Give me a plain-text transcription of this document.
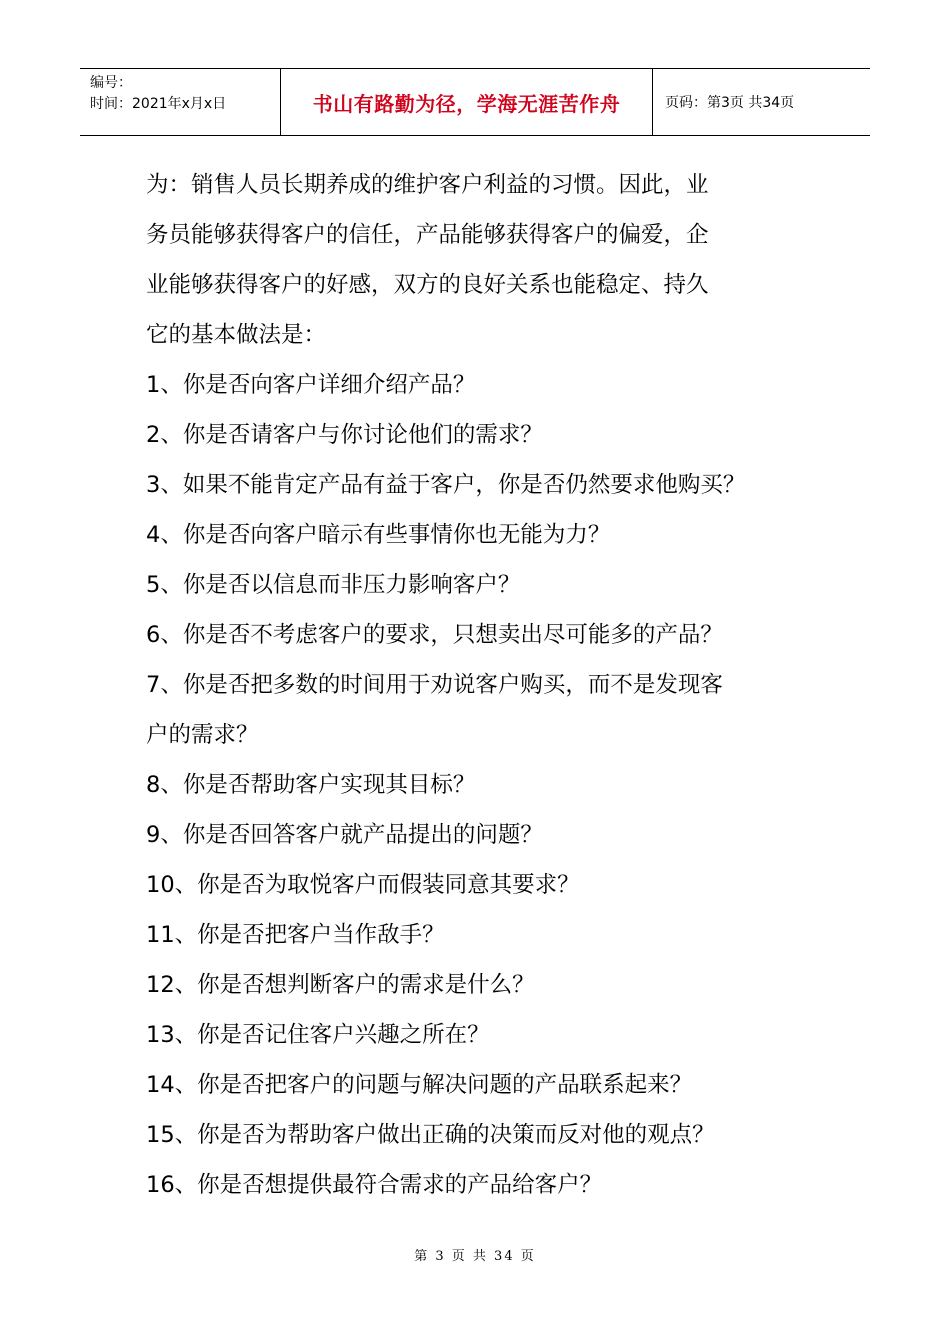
编号：
时间：2021年x月x日	书山有路勤为径，学海无涯苦作舟	页码：第3页 共34页

为：销售人员长期养成的维护客户利益的习惯。因此，业

务员能够获得客户的信任，产品能够获得客户的偏爱，企

业能够获得客户的好感，双方的良好关系也能稳定、持久

它的基本做法是：

1、你是否向客户详细介绍产品？

2、你是否请客户与你讨论他们的需求？

3、如果不能肯定产品有益于客户，你是否仍然要求他购买？

4、你是否向客户暗示有些事情你也无能为力？

5、你是否以信息而非压力影响客户？

6、你是否不考虑客户的要求，只想卖出尽可能多的产品？

7、你是否把多数的时间用于劝说客户购买，而不是发现客

户的需求？

8、你是否帮助客户实现其目标？

9、你是否回答客户就产品提出的问题？

10、你是否为取悦客户而假装同意其要求？

11、你是否把客户当作敌手？

12、你是否想判断客户的需求是什么？

13、你是否记住客户兴趣之所在？

14、你是否把客户的问题与解决问题的产品联系起来？

15、你是否为帮助客户做出正确的决策而反对他的观点？

16、你是否想提供最符合需求的产品给客户？

第 3 页 共 34 页
